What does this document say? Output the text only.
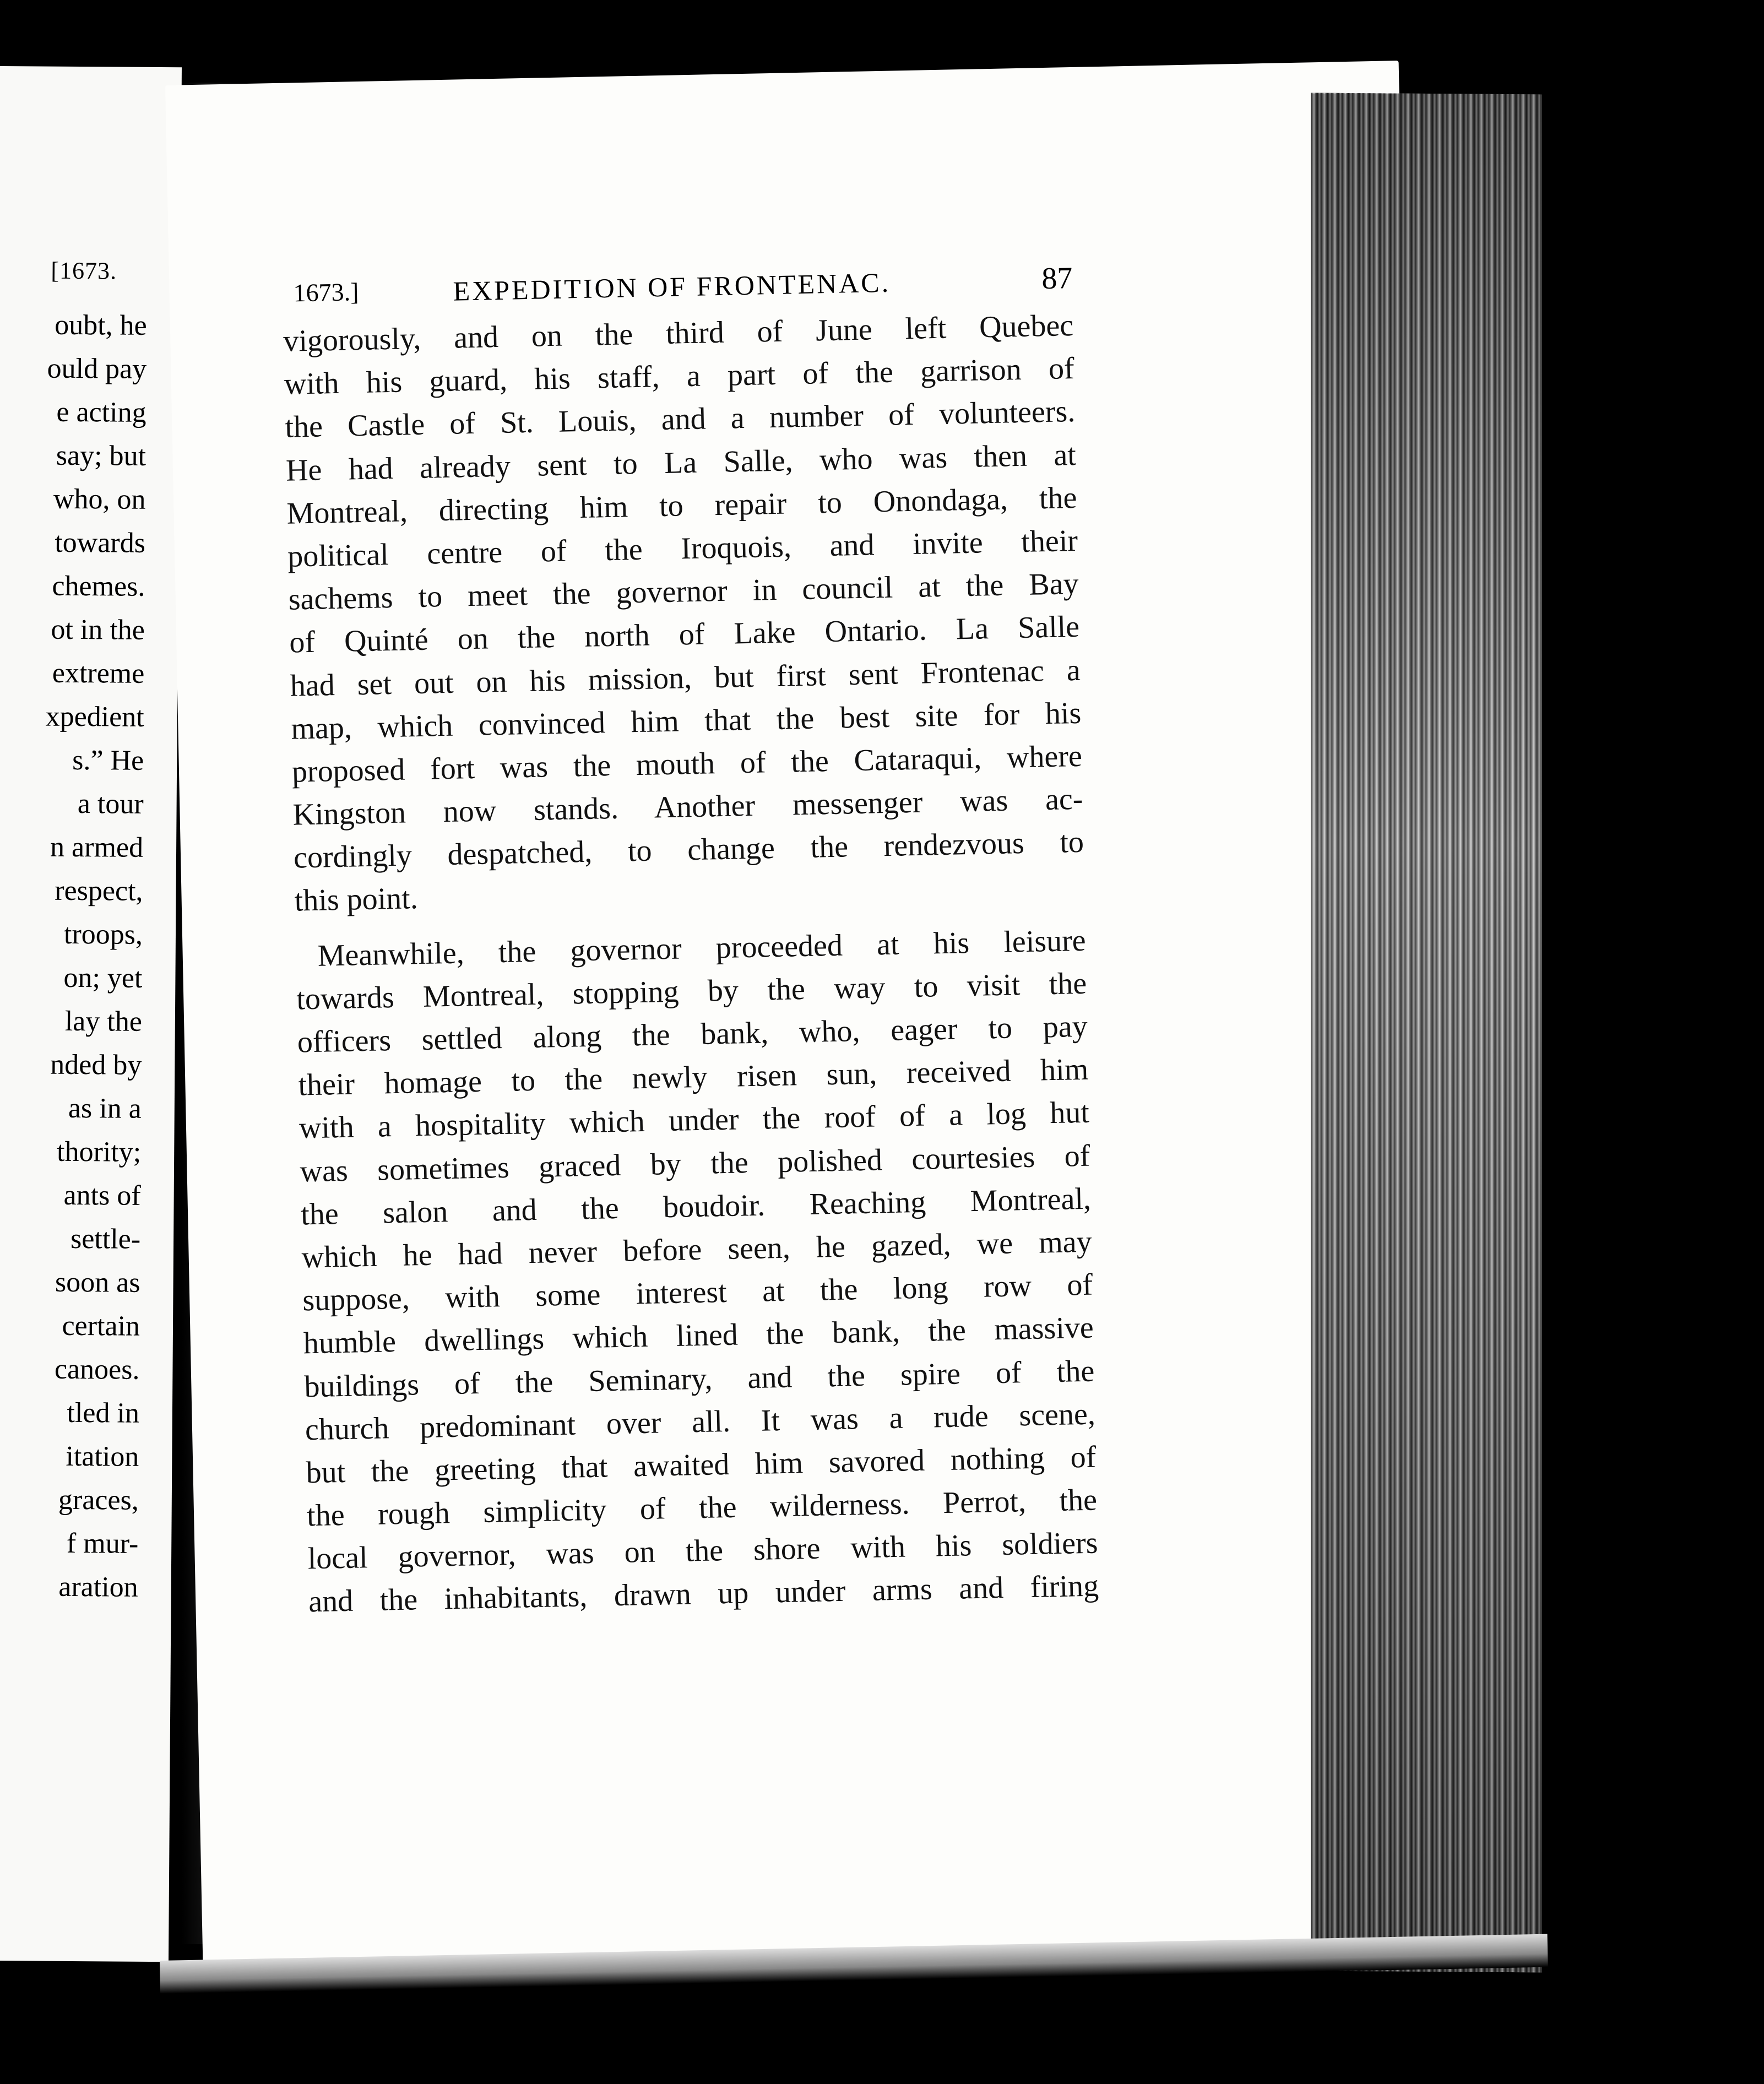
[1673.
oubt, he
ould pay
e acting
say; but
who, on
towards
chemes.
ot in the
extreme
xpedient
s.” He
a tour
n armed
respect,
troops,
on; yet
lay the
nded by
as in a
thority;
ants of
settle-
soon as
certain
canoes.
tled in
itation
graces,
f mur-
aration
1673.]	EXPEDITION OF FRONTENAC.	87
vigorously, and on the third of June left Quebec
with his guard, his staff, a part of the garrison of
the Castle of St. Louis, and a number of volunteers.
He had already sent to La Salle, who was then at
Montreal, directing him to repair to Onondaga, the
political centre of the Iroquois, and invite their
sachems to meet the governor in council at the Bay
of Quinté on the north of Lake Ontario. La Salle
had set out on his mission, but first sent Frontenac a
map, which convinced him that the best site for his
proposed fort was the mouth of the Cataraqui, where
Kingston now stands. Another messenger was ac-
cordingly despatched, to change the rendezvous to
this point.
Meanwhile, the governor proceeded at his leisure
towards Montreal, stopping by the way to visit the
officers settled along the bank, who, eager to pay
their homage to the newly risen sun, received him
with a hospitality which under the roof of a log hut
was sometimes graced by the polished courtesies of
the salon and the boudoir. Reaching Montreal,
which he had never before seen, he gazed, we may
suppose, with some interest at the long row of
humble dwellings which lined the bank, the massive
buildings of the Seminary, and the spire of the
church predominant over all. It was a rude scene,
but the greeting that awaited him savored nothing of
the rough simplicity of the wilderness. Perrot, the
local governor, was on the shore with his soldiers
and the inhabitants, drawn up under arms and firing
BIBLIOTHEQUE
